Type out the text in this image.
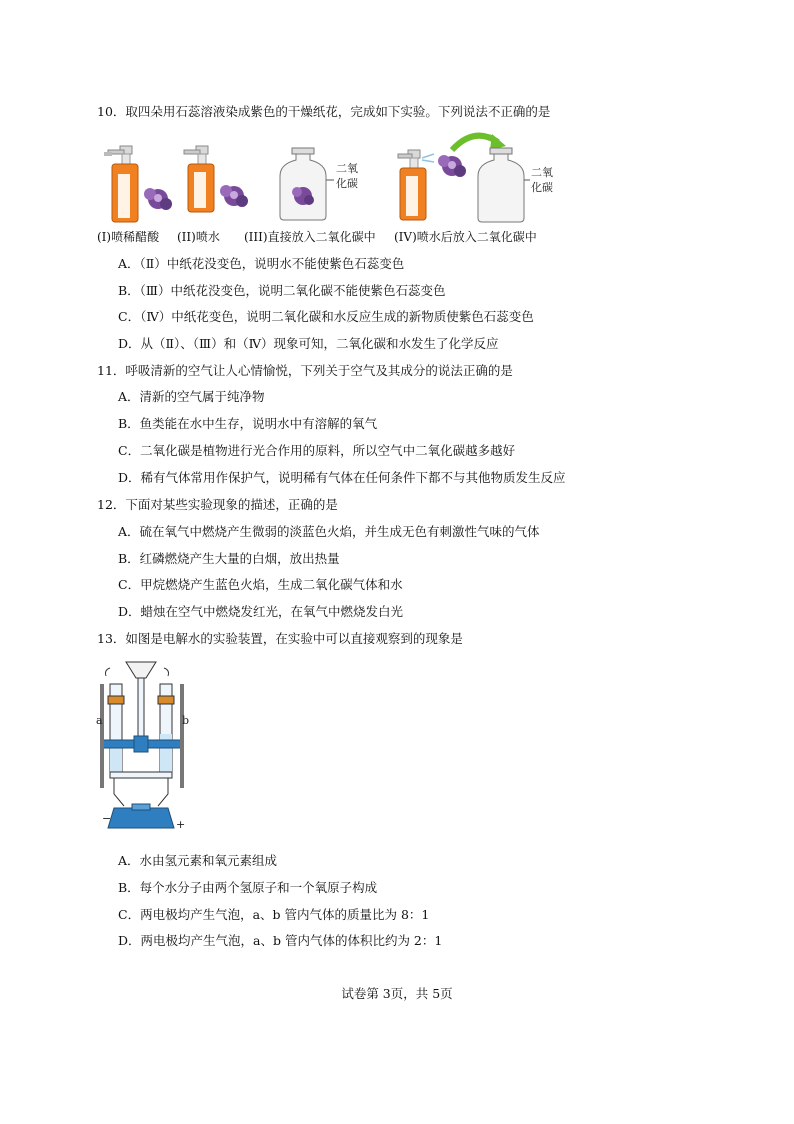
10．取四朵用石蕊溶液染成紫色的干燥纸花，完成如下实验。下列说法不正确的是
二氧
化碳
二氧
化碳
(I)喷稀醋酸 (II)喷水 (III)直接放入二氧化碳中 (IV)喷水后放入二氧化碳中
A．（Ⅱ）中纸花没变色，说明水不能使紫色石蕊变色
B．（Ⅲ）中纸花没变色，说明二氧化碳不能使紫色石蕊变色
C．（Ⅳ）中纸花变色，说明二氧化碳和水反应生成的新物质使紫色石蕊变色
D．从（Ⅱ）、（Ⅲ）和（Ⅳ）现象可知，二氧化碳和水发生了化学反应
11．呼吸清新的空气让人心情愉悦，下列关于空气及其成分的说法正确的是
A．清新的空气属于纯净物
B．鱼类能在水中生存，说明水中有溶解的氧气
C．二氧化碳是植物进行光合作用的原料，所以空气中二氧化碳越多越好
D．稀有气体常用作保护气，说明稀有气体在任何条件下都不与其他物质发生反应
12．下面对某些实验现象的描述，正确的是
A．硫在氧气中燃烧产生微弱的淡蓝色火焰，并生成无色有刺激性气味的气体
B．红磷燃烧产生大量的白烟，放出热量
C．甲烷燃烧产生蓝色火焰，生成二氧化碳气体和水
D．蜡烛在空气中燃烧发红光，在氧气中燃烧发白光
13．如图是电解水的实验装置，在实验中可以直接观察到的现象是
a	b
−	+
A．水由氢元素和氧元素组成
B．每个水分子由两个氢原子和一个氧原子构成
C．两电极均产生气泡，a、b 管内气体的质量比为 8：1
D．两电极均产生气泡，a、b 管内气体的体积比约为 2：1
试卷第 3页，共 5页
